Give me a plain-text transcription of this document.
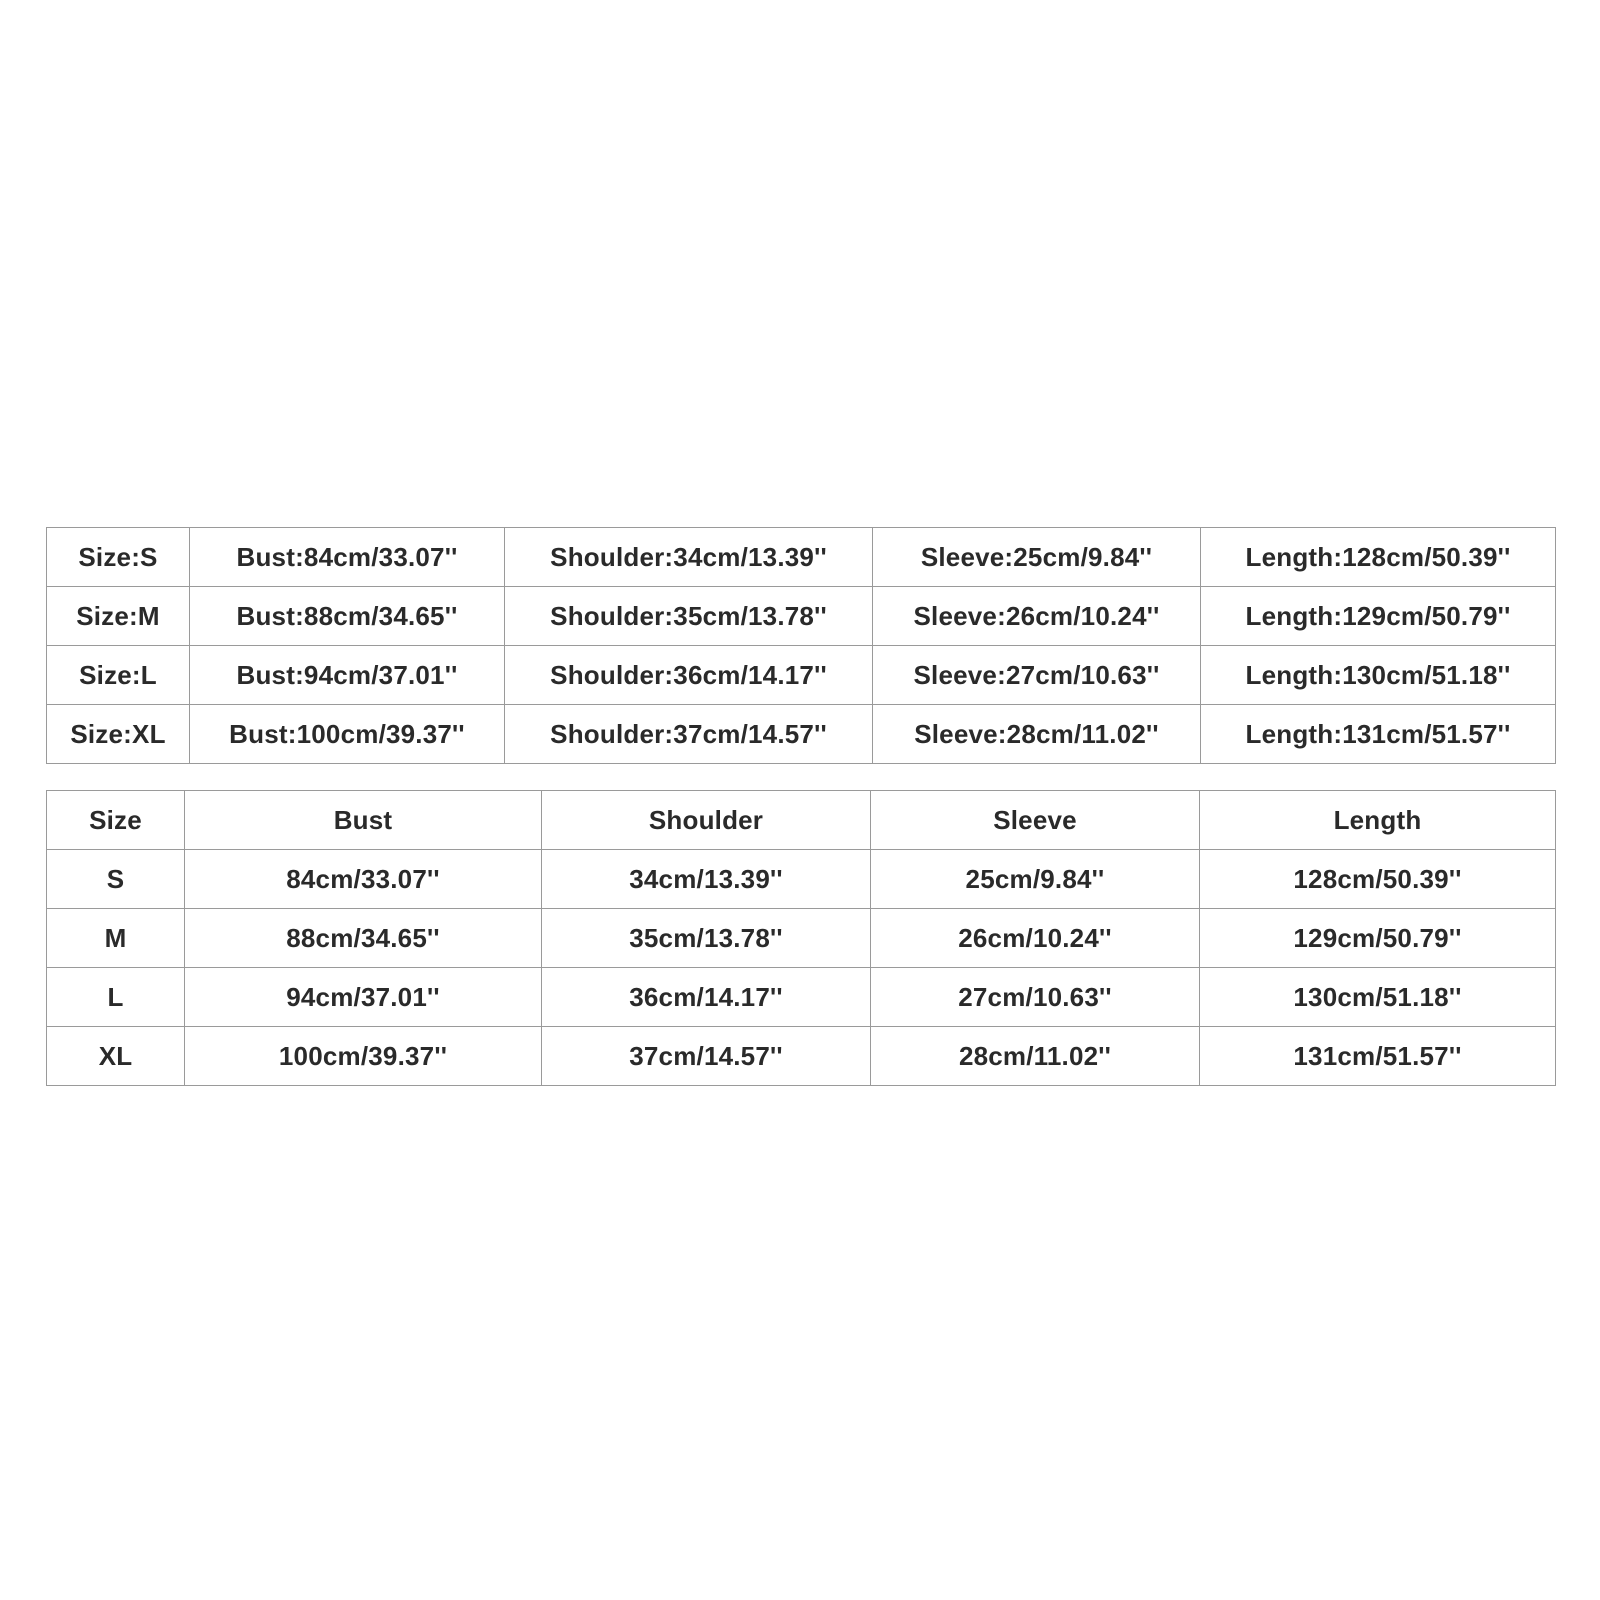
Size:S	Bust:84cm/33.07''	Shoulder:34cm/13.39''	Sleeve:25cm/9.84''	Length:128cm/50.39''
Size:M	Bust:88cm/34.65''	Shoulder:35cm/13.78''	Sleeve:26cm/10.24''	Length:129cm/50.79''
Size:L	Bust:94cm/37.01''	Shoulder:36cm/14.17''	Sleeve:27cm/10.63''	Length:130cm/51.18''
Size:XL	Bust:100cm/39.37''	Shoulder:37cm/14.57''	Sleeve:28cm/11.02''	Length:131cm/51.57''
Size	Bust	Shoulder	Sleeve	Length
S	84cm/33.07''	34cm/13.39''	25cm/9.84''	128cm/50.39''
M	88cm/34.65''	35cm/13.78''	26cm/10.24''	129cm/50.79''
L	94cm/37.01''	36cm/14.17''	27cm/10.63''	130cm/51.18''
XL	100cm/39.37''	37cm/14.57''	28cm/11.02''	131cm/51.57''
